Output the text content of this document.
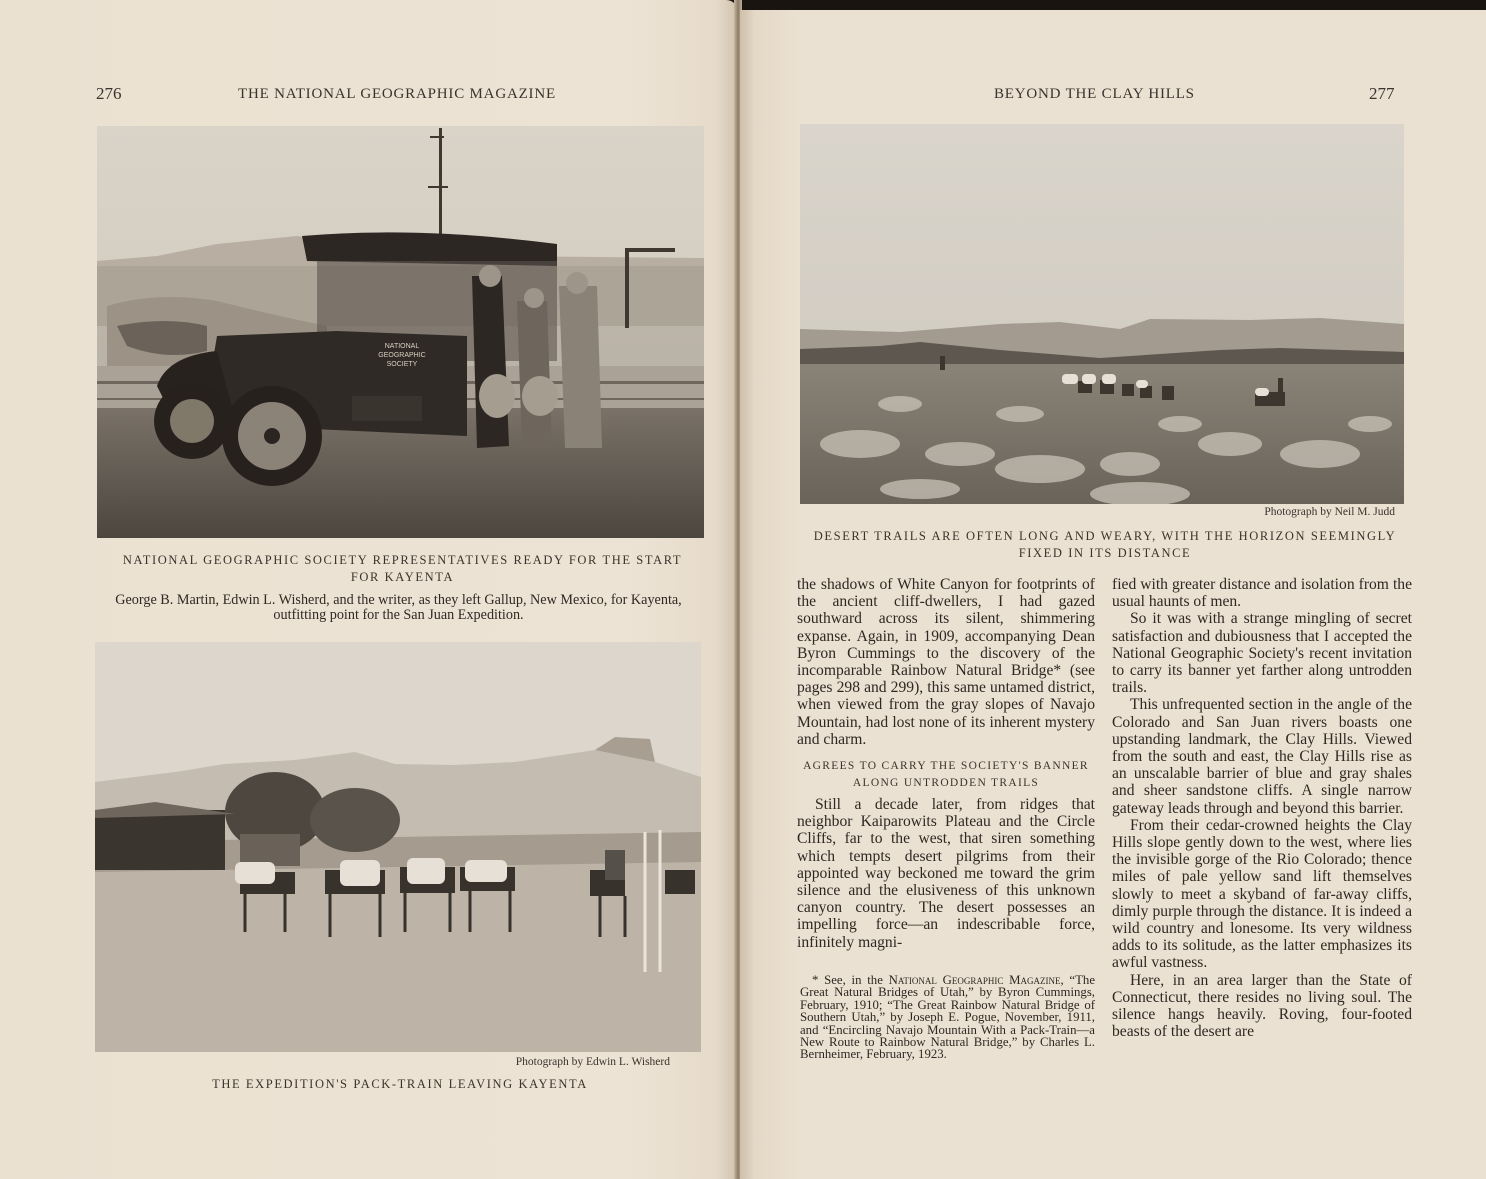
276	THE NATIONAL GEOGRAPHIC MAGAZINE
NATIONAL
GEOGRAPHIC
SOCIETY
NATIONAL GEOGRAPHIC SOCIETY REPRESENTATIVES READY FOR THE START FOR KAYENTA
George B. Martin, Edwin L. Wisherd, and the writer, as they left Gallup, New Mexico, for Kayenta, outfitting point for the San Juan Expedition.
Photograph by Edwin L. Wisherd
THE EXPEDITION'S PACK-TRAIN LEAVING KAYENTA
BEYOND THE CLAY HILLS	277
Photograph by Neil M. Judd
DESERT TRAILS ARE OFTEN LONG AND WEARY, WITH THE HORIZON SEEMINGLY FIXED IN ITS DISTANCE

the shadows of White Canyon for footprints of the ancient cliff-dwellers, I had gazed southward across its silent, shimmering expanse. Again, in 1909, accompanying Dean Byron Cummings to the discovery of the incomparable Rainbow Natural Bridge* (see pages 298 and 299), this same untamed district, when viewed from the gray slopes of Navajo Mountain, had lost none of its inherent mystery and charm.

AGREES TO CARRY THE SOCIETY'S BANNER ALONG UNTRODDEN TRAILS

Still a decade later, from ridges that neighbor Kaiparowits Plateau and the Circle Cliffs, far to the west, that siren something which tempts desert pilgrims from their appointed way beckoned me toward the grim silence and the elusiveness of this unknown canyon country. The desert possesses an impelling force—an indescribable force, infinitely magni-

* See, in the National Geographic Magazine, “The Great Natural Bridges of Utah,” by Byron Cummings, February, 1910; “The Great Rainbow Natural Bridge of Southern Utah,” by Joseph E. Pogue, November, 1911, and “Encircling Navajo Mountain With a Pack-Train—a New Route to Rainbow Natural Bridge,” by Charles L. Bernheimer, February, 1923.

fied with greater distance and isolation from the usual haunts of men.

So it was with a strange mingling of secret satisfaction and dubiousness that I accepted the National Geographic Society's recent invitation to carry its banner yet farther along untrodden trails.

This unfrequented section in the angle of the Colorado and San Juan rivers boasts one upstanding landmark, the Clay Hills. Viewed from the south and east, the Clay Hills rise as an unscalable barrier of blue and gray shales and sheer sandstone cliffs. A single narrow gateway leads through and beyond this barrier.

From their cedar-crowned heights the Clay Hills slope gently down to the west, where lies the invisible gorge of the Rio Colorado; thence miles of pale yellow sand lift themselves slowly to meet a skyband of far-away cliffs, dimly purple through the distance. It is indeed a wild country and lonesome. Its very wildness adds to its solitude, as the latter emphasizes its awful vastness.

Here, in an area larger than the State of Connecticut, there resides no living soul. The silence hangs heavily. Roving, four-footed beasts of the desert are
